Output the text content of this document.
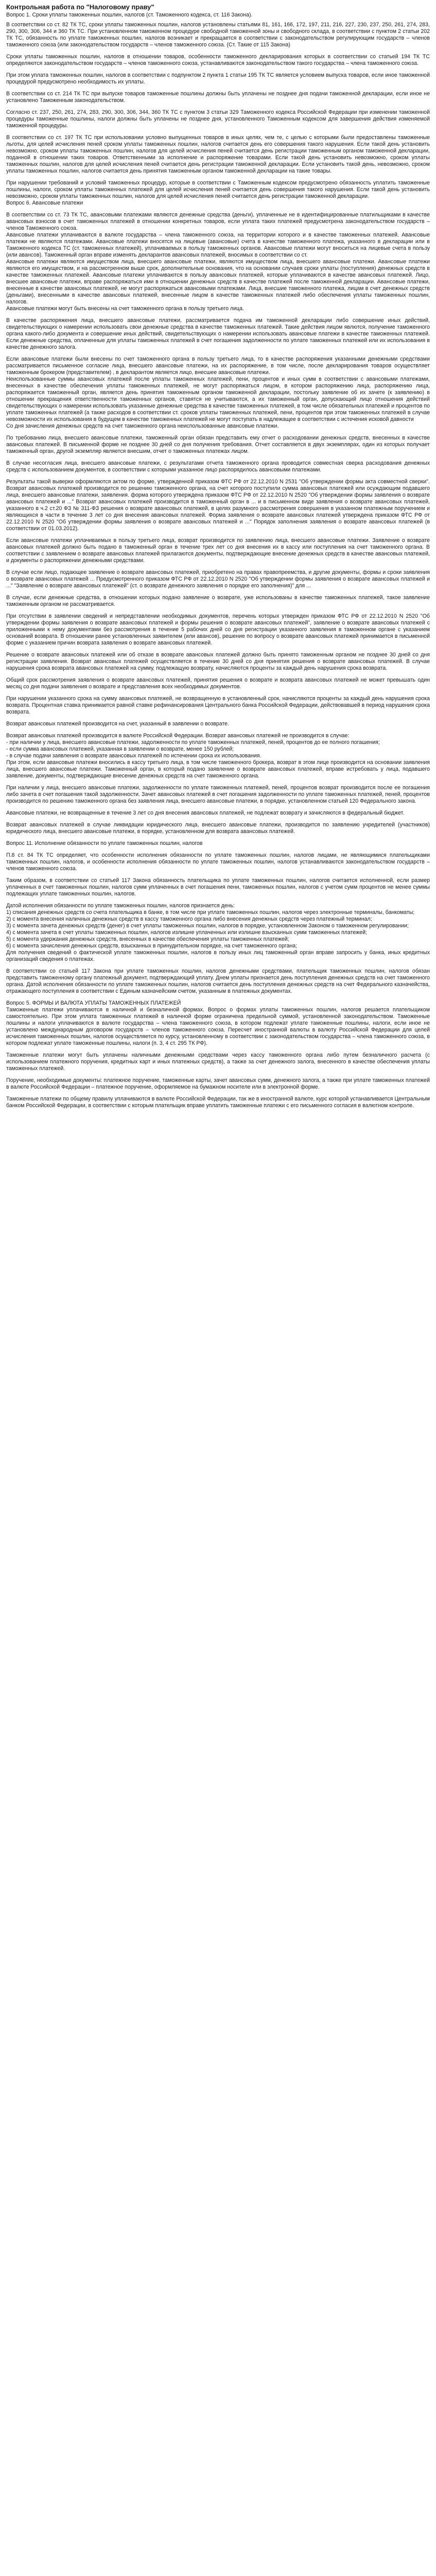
Контрольная работа по "Налоговому праву"
Вопрос 1. Сроки уплаты таможенных пошлин, налогов (ст. Таможенного кодекса, ст. 116 Закона).
В соответствии со ст. 82 ТК ТС, сроки уплаты таможенных пошлин, налогов установлены статьями 81, 161, 166, 172, 197, 211, 216, 227, 230, 237, 250, 261, 274, 283, 290, 300, 306, 344 и 360 ТК ТС. При установленном таможенном процедуре свободной таможенной зоны и свободного склада, в соответствии с пунктом 2 статьи 202 ТК ТС, обязанность по уплате таможенных пошлин, налогов возникает и прекращается в соответствии с законодательством регулирующим государств – членов таможенного союза (или законодательством государств – членов таможенного союза. (Ст. Такие от 115 Закона)
Сроки уплаты таможенных пошлин, налогов в отношении товаров, особенности таможенного декларирования которых в соответствии со статьей 194 ТК ТС определяются законодательством государств – членов таможенного союза, устанавливаются законодательством такого государства – члена таможенного союза.
При этом уплата таможенных пошлин, налогов в соответствии с подпунктом 2 пункта 1 статьи 195 ТК ТС является условием выпуска товаров, если иное таможенной процедурой предусмотрено необходимость их уплаты.
В соответствии со ст. 214 ТК ТС при выпуске товаров таможенные пошлины должны быть уплачены не позднее дня подачи таможенной декларации, если иное не установлено Таможенным законодательством.
Согласно ст. 237, 250, 261, 274, 283, 290, 300, 306, 344, 360 ТК ТС с пунктом 3 статьи 329 Таможенного кодекса Российской Федерации при изменении таможенной процедуры таможенные пошлины, налоги должны быть уплачены не позднее дня, установленного Таможенным кодексом для завершения действия изменяемой таможенной процедуры.
В соответствии со ст. 197 ТК ТС при использовании условно выпущенных товаров в иных целях, чем те, с целью с которыми были предоставлены таможенные льготы, для целей исчисления пеней сроком уплаты таможенных пошлин, налогов считается день его совершения такого нарушения. Если такой день установить невозможно, сроком уплаты таможенных пошлин, налогов для целей исчисления пеней считается день регистрации таможенным органом таможенной декларации, поданной в отношении таких товаров. Ответственными за исполнение и распоряжение товарами. Если такой день установить невозможно, сроком уплаты таможенных пошлин, налогов для целей исчисления пеней считается день регистрации таможенной декларации. Если установить такой день, невозможно, сроком уплаты таможенных пошлин, налогов считается день принятия таможенным органом таможенной декларации на такие товары.
При нарушении требований и условий таможенных процедур, которые в соответствии с Таможенным кодексом предусмотрено обязанность уплатить таможенные пошлины, налоги, сроком уплаты таможенных платежей для целей исчисления пеней считается день совершения такого нарушения. Если такой день установить невозможно, сроком уплаты таможенных пошлин, налогов для целей исчисления пеней считается день регистрации таможенной декларации.
Вопрос 6. Авансовые платежи
В соответствии со ст. 73 ТК ТС, авансовыми платежами являются денежные средства (деньги), уплаченные не в идентифицированные платильщиками в качестве авансовых взносов в счет таможенных платежей в отношении конкретных товаров, если уплата таких платежей предусмотрена законодательством государств – членов Таможенного союза.
Авансовые платежи уплачиваются в валюте государства – члена таможенного союза, на территории которого и в качестве таможенных платежей. Авансовые платежи не являются платежами. Авансовые платежи вносятся на лицевые (авансовые) счета в качестве таможенного платежа, указанного в декларации или в Таможенного кодекса ТС (ст. таможенных платежей), уплачиваемых в пользу таможенных органов. Авансовые платежи могут вноситься на лицевые счета в пользу (или авансов). Таможенный орган вправе изменять декларантов авансовых платежей, вносимых в соответствии со ст.
Авансовые платежи являются имуществом лица, внесшего авансовые платежи, являются имуществом лица, внесшего авансовые платежи. Авансовые платежи являются его имуществом, и на рассмотренном выше срок, дополнительные основания, что на основании случаев сроки уплаты (поступления) денежных средств в качестве таможенных платежей. Авансовые платежи уплачиваются в пользу авансовых платежей, которые уплачиваются в качестве авансовых платежей. Лицо, внесшее авансовые платежи, вправе распоряжаться ими в отношении денежных средств в качестве платежей после таможенной декларации. Авансовые платежи, внесенные в качестве авансовых платежей, не могут распоряжаться авансовыми платежами. Лица, внесшие таможенного платежа, лицам в счет денежных средств (деньгами), внесенными в качестве авансовых платежей, внесенные лицом в качестве таможенных платежей либо обеспечения уплаты таможенных пошлин, налогов.
Авансовые платежи могут быть внесены на счет таможенного органа в пользу третьего лица.
В качестве распоряжения лица, внесшего авансовые платежи, рассматривается подача им таможенной декларации либо совершение иных действий, свидетельствующих о намерении использовать свои денежные средства в качестве таможенных платежей. Такие действия лицом явлются, получение таможенного органа какого-либо документа и совершение иных действий, свидетельствующих о намерении использовать авансовые платежи в качестве таможенных платежей. Если денежные средства, оплаченные для уплаты таможенных платежей в счет погашения задолженности по уплате таможенных платежей или их использования в качестве денежного залога.
Если авансовые платежи были внесены по счет таможенного органа в пользу третьего лица, то в качестве распоряжения указанными денежными средствами рассматривается письменное согласие лица, внесшего авансовые платежи, на их распоряжение, в том числе, после декларирования товаров осуществляет таможенным брокером (представителем) , в декларантом является лицо, внесшее авансовые платежи.
Неиспользованные суммы авансовых платежей после уплаты таможенных платежей, пени, процентов и иных сумм в соответствии с авансовыми платежами, внесенных в качестве обеспечения уплаты таможенных платежей, не могут распоряжаться лицом, в котором распоряжению лица, распоряжению лица, распоряжается таможенный орган, является день принятия таможенным органом таможенной декларации, постольку заявление об их зачете (к заявлению) в отношении прекращения ответственности таможенных органов, ставятся не учитываются, а их таможенный орган, допускающий лицо отношения действий свидетельствующих о намерении использовать указанные денежные средства в качестве таможенных платежей, в том числе обязательных платежей и процентов по уплате таможенных платежей (а также расходов в соответствии ст. сроков уплаты таможенных платежей, пени, процентов при этом таможенных платежей в случае невозможности их использования в будущем в качестве таможенных платежей не могут поступать в надлежащее в соответствии с истечения исковой давности
Со дня зачисления денежных средств на счет таможенного органа неиспользованные авансовые платежи.
По требованию лица, внесшего авансовые платежи, таможенный орган обязан представить ему отчет о расходовании денежных средств, внесенных в качестве авансовых платежей. В письменной форме не позднее 30 дней со дня получения требования. Отчет составляется в двух экземплярах, один из которых получает таможенный орган, другой экземпляр является внесшим, отчет о таможенных платежах лицом.
В случае несогласия лица, внесшего авансовые платежи, с результатами отчета таможенного органа проводится совместная сверка расходования денежных средств с использованием документов, в соответствии с которыми указанное лицо распорядилось авансовыми платежами.
Результаты такой выверки оформляются актом по форме, утвержденной приказом ФТС РФ от 22.12.2010 N 2531 "Об утверждении формы акта совместной сверки". Возврат авансовых платежей производится по решению таможенного органа, на счет которого поступили сумма авансовых платежей или осуждающим подавшего лица, внесшего авансовые платежи, заявления. форма которого утверждена приказом ФТС РФ от 22.12.2010 N 2520 "Об утверждении формы заявления о возврате авансовых платежей и ..." Возврат авансовых платежей производится в таможенный орган в ... и в письменном виде заявления о возврате авансовых платежей, указанного в ч.2 ст.20 ФЗ № 311-ФЗ решения о возврате авансовых платежей, в целях разумного рассмотрения совершения в указанном платежным поручением и являющихся в части в течение 3 лет со дня внесения авансовых платежей. Форма заявления о возврате авансовых платежей утверждена приказом ФТС РФ от 22.12.2010 N 2520 "Об утверждении формы заявления о возврате авансовых платежей и ..." Порядок заполнения заявления о возврате авансовых платежей (в соответствии от 01.03.2012).
Если авансовые платежи уплачиваемых в пользу третьего лица, возврат производится по заявлению лица, внесшего авансовые платежи. Заявление о возврате авансовых платежей должно быть подано в таможенный орган в течение трех лет со дня внесения их в кассу или поступления на счет таможенного органа. В соответствии с заявлением о возврате авансовых платежей прилагаются документы, подтверждающие внесение денежных средств в качестве авансовых платежей, и документы о распоряжении денежными средствами.
В случае если лицо, подающее заявление о возврате авансовых платежей, приобретено на правах правопреемства, и другие документы, формы и сроки заявления о возврате авансовых платежей ... Предусмотренного приказом ФТС РФ от 22.12.2010 N 2520 "Об утверждении формы заявления о возврате авансовых платежей и ..." "Заявление о возврате авансовых платежей" (ст. о возврате денежного заявления о порядке его заполнения)" для ...
В случае, если денежные средства, в отношении которых подано заявление о возврате, уже использованы в качестве таможенных платежей, такое заявление таможенным органом не рассматривается.
При отсутствии в заявлении сведений и непредставлении необходимых документов, перечень которых утвержден приказом ФТС РФ от 22.12.2010 N 2520 "Об утверждении формы заявления о возврате авансовых платежей и формы решения о возврате авансовых платежей", заявление о возврате авансовых платежей с приложенными к нему документами без рассмотрения в течение 5 рабочих дней со дня регистрации указанного заявления в таможенном органе с указанием оснований возврата. В отношении ранее установленных заявителем (или авансов), решение по вопросу о возврате авансовых платежей принимается в письменной форме с указанием причин возврата заявления о возврате авансовых платежей.
Решение о возврате авансовых платежей или об отказе в возврате авансовых платежей должно быть принято таможенным органом не позднее 30 дней со дня регистрации заявления. Возврат авансовых платежей осуществляется в течение 30 дней со дня принятия решения о возврате авансовых платежей. В случае нарушения срока возврата авансовых платежей на сумму, подлежащую возврату, начисляются проценты за каждый день нарушения срока возврата.
Общий срок рассмотрения заявления о возврате авансовых платежей, принятия решения о возврате и возврата авансовых платежей не может превышать один месяц со дня подачи заявления о возврате и представления всех необходимых документов.
При нарушении указанного срока на сумму авансовых платежей, не возвращенную в установленный срок, начисляются проценты за каждый день нарушения срока возврата. Процентная ставка принимается равной ставке рефинансирования Центрального банка Российской Федерации, действовавшей в период нарушения срока возврата.
Возврат авансовых платежей производится на счет, указанный в заявлении о возврате.
Возврат авансовых платежей производится в валюте Российской Федерации. Возврат авансовых платежей не производится в случае:
- при наличии у лица, внесшего авансовые платежи, задолженности по уплате таможенных платежей, пеней, процентов до ее полного погашения;
- если сумма авансовых платежей, указанная в заявлении о возврате, менее 150 рублей;
- в случае подачи заявления о возврате авансовых платежей по истечении срока их использования.
При этом, если авансовые платежи вносились в кассу третьего лица, в том числе таможенного брокера, возврат в этом лице производится на основании заявления лица, внесшего авансовые платежи. Таможенный орган, в который подано заявление о возврате авансовых платежей, вправе истребовать у лица, подавшего заявление, документы, подтверждающие внесение денежных средств на счет таможенного органа.
При наличии у лица, внесшего авансовые платежи, задолженности по уплате таможенных платежей, пеней, процентов возврат производится после ее погашения либо зачета в счет погашения такой задолженности. Зачет авансовых платежей в счет погашения задолженности по уплате таможенных платежей, пеней, процентов производится по решению таможенного органа без заявления лица, внесшего авансовые платежи, в порядке, установленном статьей 120 Федерального закона.
Авансовые платежи, не возвращенные в течение 3 лет со дня внесения авансовых платежей, не подлежат возврату и зачисляются в федеральный бюджет.
Возврат авансовых платежей в случае ликвидации юридического лица, внесшего авансовые платежи, производится по заявлению учредителей (участников) юридического лица, внесшего авансовые платежи, в порядке, установленном для возврата авансовых платежей.
Вопрос 11. Исполнение обязанности по уплате таможенных пошлин, налогов
П.8 ст. 84 ТК ТС определяет, что особенности исполнения обязанности по уплате таможенных пошлин, налогов лицами, не являющимися плательщиками таможенных пошлин, налогов, и особенности исполнения обязанности по уплате таможенных пошлин, налогов устанавливаются законодательством государств – членов таможенного союза.
Таким образом, в соответствии со статьей 117 Закона обязанность плательщика по уплате таможенных пошлин, налогов считается исполненной, если размер уплаченных в счет таможенных пошлин, налогов сумм уплаченных в счет погашения пени, таможенных пошлин, налогов с учетом сумм процентов не менее суммы подлежащих уплате таможенных пошлин, налогов.
Датой исполнения обязанности по уплате таможенных пошлин, налогов признается день:
1) списания денежных средств со счета плательщика в банке, в том числе при уплате таможенных пошлин, налогов через электронные терминалы, банкоматы;
2) с момента внесения наличных денежных средств в кассу таможенного органа либо внесения денежных средств через платежный терминал;
3) с момента зачета денежных средств (денег) в счет уплаты таможенных пошлин, налогов в порядке, установленном Законом о таможенном регулировании;
4) с момента зачета в счет уплаты таможенных пошлин, налогов излишне уплаченных или излишне взысканных сумм таможенных платежей;
5) с момента удержания денежных средств, внесенных в качестве обеспечения уплаты таможенных платежей;
6) с момента зачисления денежных средств, взысканных в принудительном порядке, на счет таможенного органа;
Для получения сведений о фактической уплате таможенных пошлин, налогов в пользу иных лиц таможенный орган вправе запросить у банка, иных кредитных организаций сведения о платежах.
В соответствии со статьей 117 Закона при уплате таможенных пошлин, налогов денежными средствами, плательщик таможенных пошлин, налогов обязан представить таможенному органу платежный документ, подтверждающий уплату. Днем уплаты признается день поступления денежных средств на счет таможенного органа. Датой исполнения обязанности по уплате таможенных пошлин, налогов считается день поступления денежных средств на счет Федерального казначейства, отражающего поступления в соответствии с Единым казначейским счетом, указанным в платежных документах.
Вопрос 5. ФОРМЫ И ВАЛЮТА УПЛАТЫ ТАМОЖЕННЫХ ПЛАТЕЖЕЙ
Таможенные платежи уплачиваются в наличной и безналичной формах. Вопрос о формах уплаты таможенных пошлин, налогов решается плательщиком самостоятельно. При этом уплата таможенных платежей в наличной форме ограничена предельной суммой, установленной законодательством. Таможенные пошлины и налоги уплачиваются в валюте государства – члена таможенного союза, в котором подлежат уплате таможенные пошлины, налоги, если иное не установлено международным договором государств – членов таможенного союза. Пересчет иностранной валюты в валюту Российской Федерации для целей исчисления таможенных пошлин, налогов осуществляется по курсу, установленному в соответствии с законодательством государства – члена таможенного союза, в котором подлежат уплате таможенные пошлины, налоги (п. 3, 4 ст. 295 ТК РФ).
Таможенные платежи могут быть уплачены наличными денежными средствами через кассу таможенного органа либо путем безналичного расчета (с использованием платежного поручения, кредитных карт и иных платежных средств), а также за счет денежного залога, внесенного в качестве обеспечения уплаты таможенных платежей.
Поручение, необходимые документы: платежное поручение, таможенные карты, зачет авансовых сумм, денежного залога, а также при уплате таможенных платежей в валюте Российской Федерации – платежное поручение, оформляемое на бумажном носителе или в электронной форме.
Таможенные платежи по общему правилу уплачиваются в валюте Российской Федерации, так же в иностранной валюте, курс которой устанавливается Центральным банком Российской Федерации, в соответствии с которым плательщик вправе уплатить таможенные платежи с его письменного согласия в валютном контроле.
